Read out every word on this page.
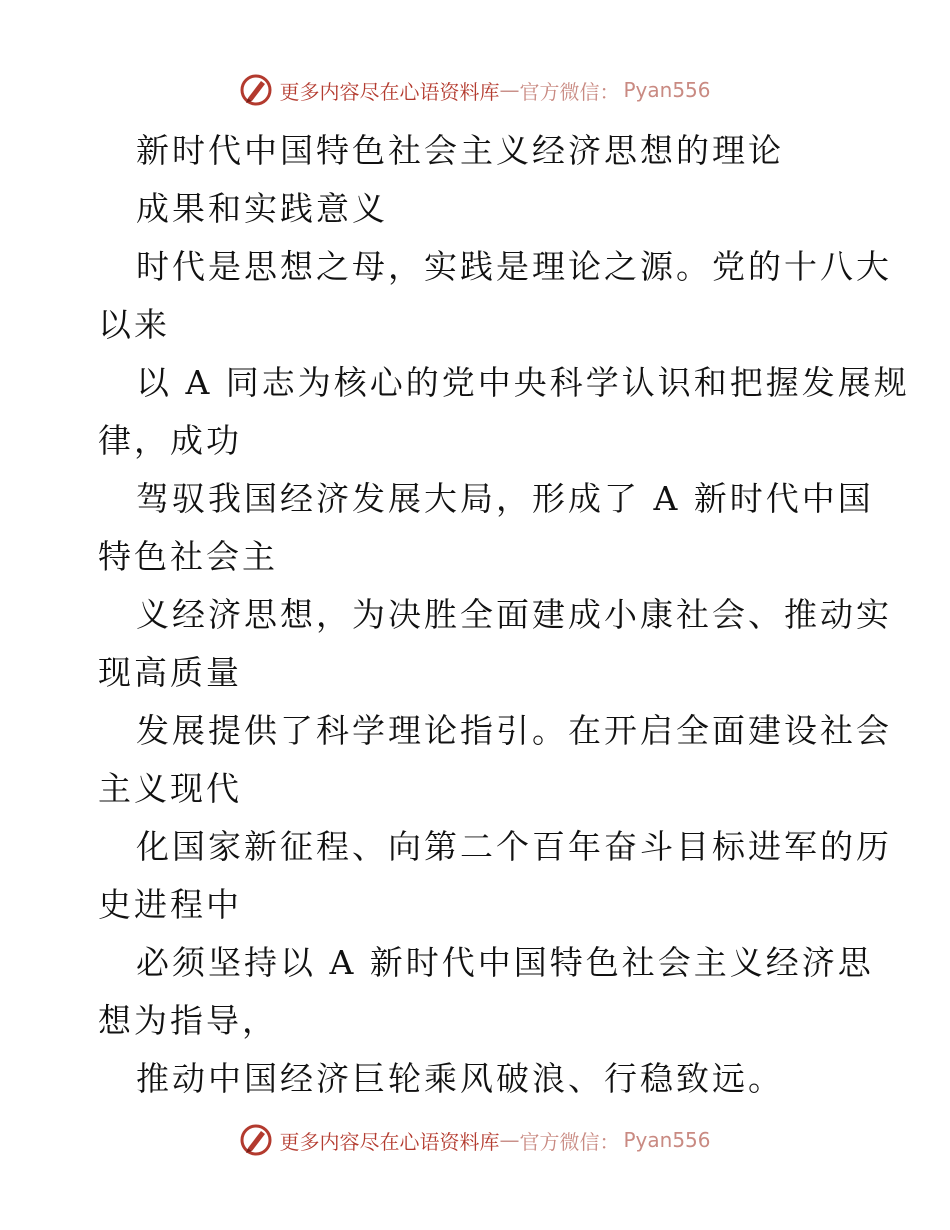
更多内容尽在心语资料库 — 官方微信： Pyan556
新时代中国特色社会主义经济思想的理论
成果和实践意义
时代是思想之母，实践是理论之源。党的十八大
以来
以 A 同志为核心的党中央科学认识和把握发展规
律，成功
驾驭我国经济发展大局，形成了 A 新时代中国
特色社会主
义经济思想，为决胜全面建成小康社会、推动实
现高质量
发展提供了科学理论指引。在开启全面建设社会
主义现代
化国家新征程、向第二个百年奋斗目标进军的历
史进程中
必须坚持以 A 新时代中国特色社会主义经济思
想为指导，
推动中国经济巨轮乘风破浪、行稳致远。
更多内容尽在心语资料库 — 官方微信： Pyan556
